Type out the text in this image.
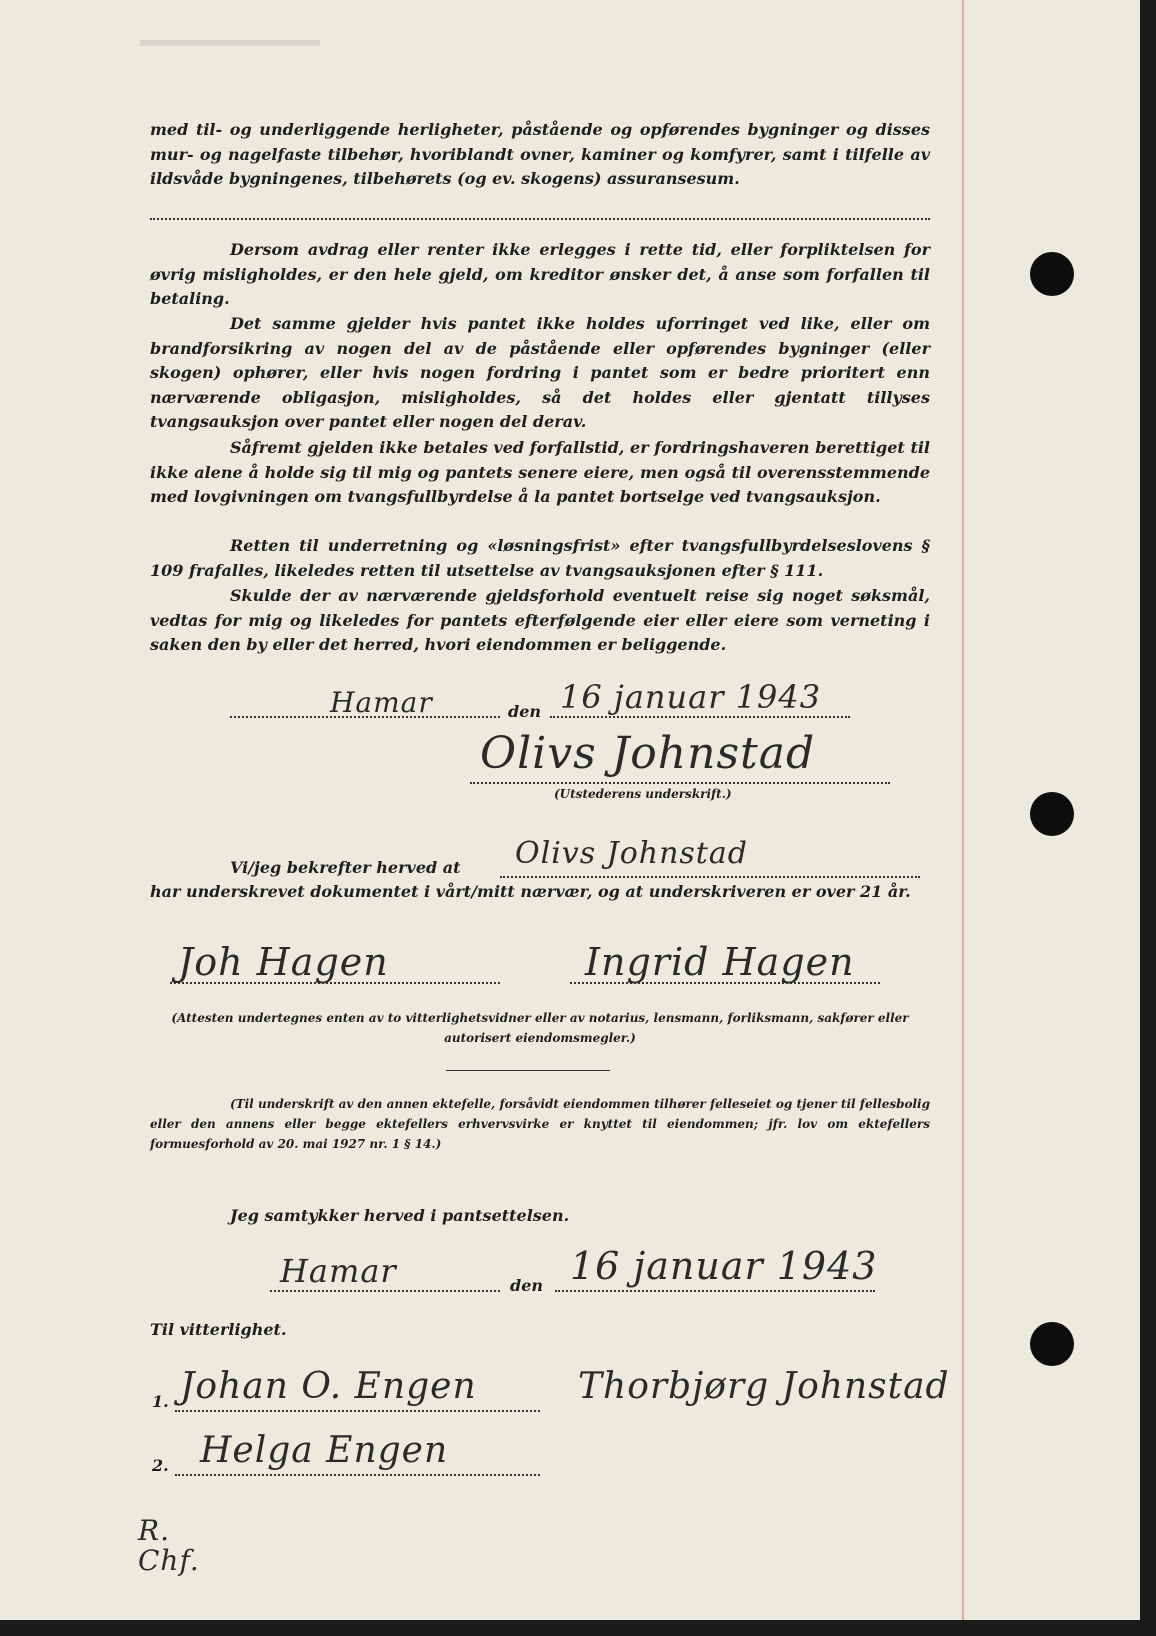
med til- og underliggende herligheter, påstående og opførendes bygninger og disses mur- og nagelfaste tilbehør, hvoriblandt ovner, kaminer og komfyrer, samt i tilfelle av ildsvåde bygningenes, tilbehørets (og ev. skogens) assuransesum.

Dersom avdrag eller renter ikke erlegges i rette tid, eller forpliktelsen for øvrig misligholdes, er den hele gjeld, om kreditor ønsker det, å anse som forfallen til betaling.

Det samme gjelder hvis pantet ikke holdes uforringet ved like, eller om brandforsikring av nogen del av de påstående eller opførendes bygninger (eller skogen) ophører, eller hvis nogen fordring i pantet som er bedre prioritert enn nærværende obligasjon, misligholdes, så det holdes eller gjentatt tillyses tvangsauksjon over pantet eller nogen del derav.

Såfremt gjelden ikke betales ved forfallstid, er fordringshaveren berettiget til ikke alene å holde sig til mig og pantets senere eiere, men også til overensstemmende med lovgivningen om tvangsfullbyrdelse å la pantet bortselge ved tvangsauksjon.

Retten til underretning og «løsningsfrist» efter tvangsfullbyrdelseslovens § 109 frafalles, likeledes retten til utsettelse av tvangsauksjonen efter § 111.

Skulde der av nærværende gjeldsforhold eventuelt reise sig noget søksmål, vedtas for mig og likeledes for pantets efterfølgende eier eller eiere som verneting i saken den by eller det herred, hvori eiendommen er beliggende.

Hamar	den 16 januar 1943
Olivs Johnstad

(Utstederens underskrift.)

Vi/jeg bekrefter herved at Olivs Johnstad

har underskrevet dokumentet i vårt/mitt nærvær, og at underskriveren er over 21 år.

Joh Hagen	Ingrid Hagen

(Attesten undertegnes enten av to vitterlighetsvidner eller av notarius, lensmann, forliksmann, sakfører eller autorisert eiendomsmegler.)

(Til underskrift av den annen ektefelle, forsåvidt eiendommen tilhører felleseiet og tjener til fellesbolig eller den annens eller begge ektefellers erhvervsvirke er knyttet til eiendommen; jfr. lov om ektefellers formuesforhold av 20. mai 1927 nr. 1 § 14.)

Jeg samtykker herved i pantsettelsen.

Hamar	den 16 januar 1943

Til vitterlighet.

1. Johan O. Engen	Thorbjørg Johnstad

2. Helga Engen
R. Chf.
